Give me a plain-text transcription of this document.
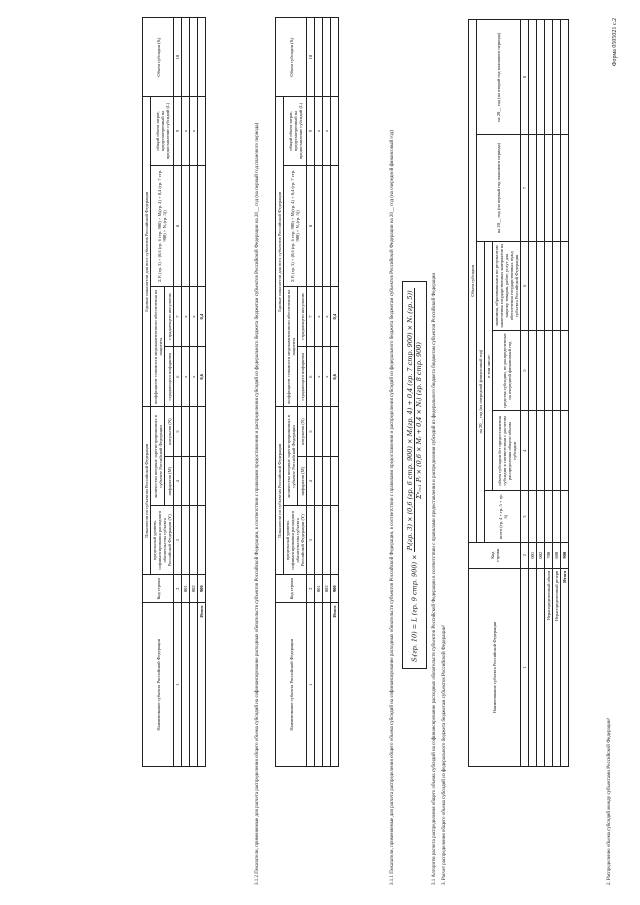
Форма 0505021 с.2
2. Распределение объема субсидий между субъектами Российской Федерации¹
Наименование субъекта Российской Федерации	Код строки	Объем субсидии					
		на 20__ год (на очередной финансовый год)				на 20__ год (на первый год планового периода)	на 20__ год (на второй год планового периода)
		всего (гр. 4 + гр. 5 + гр. 6)	в том числе:				
			объем субсидии без предоставления субсидии в соответствии с расчетом распределения общего объема субсидии	средства субсидии, не распределенные на очередной финансовый год	экономия, образовавшаяся по результатам заключения государственных контрактов на закупку товаров, работ, услуг для обеспечения государственных нужд субъекта Российской Федерации		
1	2	3	4	5	6	7	8
	001						
	002						
Нераспределенный объем	700						
Нераспределенный резерв	800						
Итого	900						
3. Расчет распределения общего объема субсидий из федерального бюджета бюджетам субъектов Российской Федерации²
3.1 Алгоритм расчета распределения общего объема субсидий на софинансирование расходных обязательств субъектов Российской Федерации в соответствии с правилами предоставления и распределения субсидий из федерального бюджета бюджетам субъектов Российской Федерации
Sᵢ(гр. 10) = L (гр. 9 стр. 900) ×
Pᵢ(гр. 3) × (0,6 (гр. 6 стр. 900) × Mᵢ(гр. 4) + 0,4 (гр. 7 стр. 900) × Nᵢ (гр. 5)) Σⁿᵢ₌₁ Pᵢ × (0,6 × Mᵢ + 0,4 × Nᵢ) (гр. 8 стр. 900)
3.1.1 Показатели, применяемые для расчета распределения общего объема субсидий на софинансирование расходных обязательств субъектов Российской Федерации, в соответствии с правилами предоставления и распределения субсидий из федерального бюджета бюджетам субъектов Российской Федерации на 20__ год (на очередной финансовый год)
Наименование субъекта Российской Федерации	Код строки	Показатели по субъектам Российской Федерации			Единые показатели для всех субъектов Российской Федерации				Объем субсидии (Sᵢ)
		предельный уровень софинансирования расходного обязательства субъекта Российской Федерации (Y)	количество впервые зарегистрированных в субъекте Российской Федерации		коэффициент стоимости медикаментозного обеспечения на пациента		Σ Pᵢ (гр. 3) × (0,6 (гр. 6 стр. 900) × Mᵢ(гр. 4) + 0,4 (гр. 7 стр. 900) × Nᵢ (гр. 5))	общий объем затрат, предусмотренный на предоставление субсидий (L)	
			инфарктов (M)	инсультов (N)	страдающего инфарктом	страдающего инсультом			
1	2	3	4	5	6	7	8	9	10
	001				x	x		x	
	002				x	x		x	
Итого	900				0,6	0,4			
3.1.2 Показатели, применяемые для расчета распределения общего объема субсидий на софинансирование расходных обязательств субъектов Российской Федерации, в соответствии с правилами предоставления и распределения субсидий из федерального бюджета бюджетам субъектов Российской Федерации на 20__ год (на первый год планового периода)
Наименование субъекта Российской Федерации	Код строки	Показатели по субъектам Российской Федерации			Единые показатели для всех субъектов Российской Федерации				Объем субсидии (Sᵢ)
		предельный уровень софинансирования расходного обязательства субъекта Российской Федерации (Y)	количество впервые зарегистрированных в субъекте Российской Федерации		коэффициент стоимости медикаментозного обеспечения на пациента		Σ Pᵢ (гр. 3) × (0,6 (гр. 6 стр. 900) × Mᵢ(гр. 4) + 0,4 (гр. 7 стр. 900) × Nᵢ (гр. 5))	общий объем затрат, предусмотренный на предоставление субсидий (L)	
			инфарктов (M)	инсультов (N)	страдающего инфарктом	страдающего инсультом			
1	2	3	4	5	6	7	8	9	10
	001				x	x		x	
	002				x	x		x	
Итого	900				0,6	0,4			
